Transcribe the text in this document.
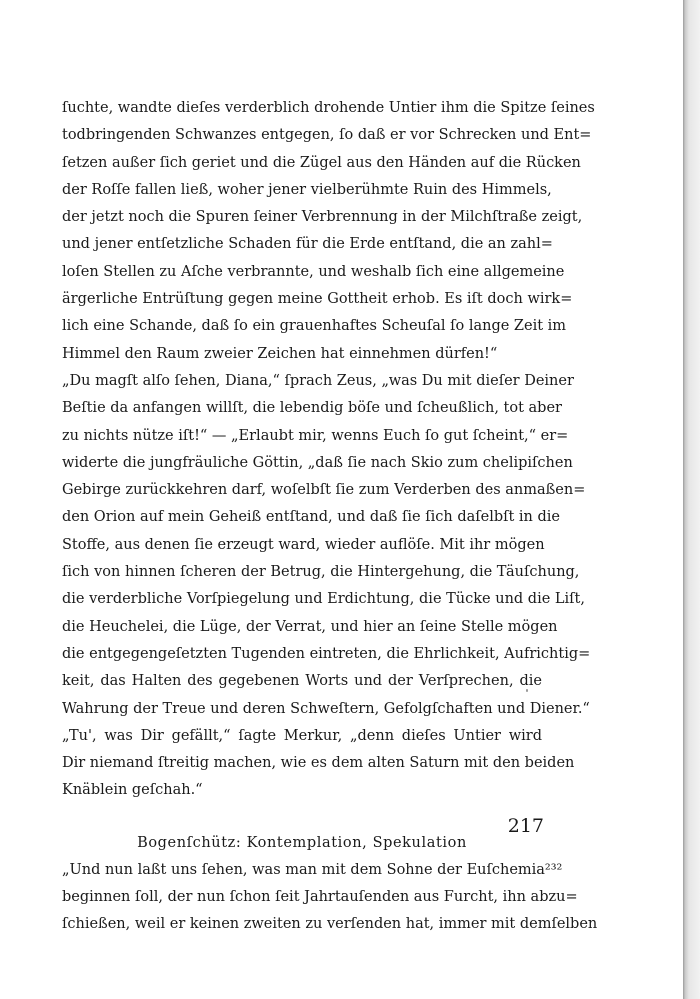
ſuchte, wandte dieſes verderblich drohende Untier ihm die Spitze ſeines
todbringenden Schwanzes entgegen, ſo daß er vor Schrecken und Ent=
ſetzen außer ſich geriet und die Zügel aus den Händen auf die Rücken
der Roſſe fallen ließ, woher jener vielberühmte Ruin des Himmels,
der jetzt noch die Spuren ſeiner Verbrennung in der Milchſtraße zeigt,
und jener entſetzliche Schaden für die Erde entſtand, die an zahl=
loſen Stellen zu Aſche verbrannte, und weshalb ſich eine allgemeine
ärgerliche Entrüſtung gegen meine Gottheit erhob. Es iſt doch wirk=
lich eine Schande, daß ſo ein grauenhaftes Scheuſal ſo lange Zeit im
Himmel den Raum zweier Zeichen hat einnehmen dürfen!“
„Du magſt alſo ſehen, Diana,“ ſprach Zeus, „was Du mit dieſer Deiner
Beſtie da anfangen willſt, die lebendig böſe und ſcheußlich, tot aber
zu nichts nütze iſt!“ — „Erlaubt mir, wenns Euch ſo gut ſcheint,“ er=
widerte die jungfräuliche Göttin, „daß ſie nach Skio zum chelipiſchen
Gebirge zurückkehren darf, woſelbſt ſie zum Verderben des anmaßen=
den Orion auf mein Geheiß entſtand, und daß ſie ſich daſelbſt in die
Stoffe, aus denen ſie erzeugt ward, wieder auflöſe. Mit ihr mögen
ſich von hinnen ſcheren der Betrug, die Hintergehung, die Täuſchung,
die verderbliche Vorſpiegelung und Erdichtung, die Tücke und die Liſt,
die Heuchelei, die Lüge, der Verrat, und hier an ſeine Stelle mögen
die entgegengeſetzten Tugenden eintreten, die Ehrlichkeit, Aufrichtig=
keit, das Halten des gegebenen Worts und der Verſprechen, die
Wahrung der Treue und deren Schweſtern, Gefolgſchaften und Diener.“
„Tu', was Dir gefällt,“ ſagte Merkur, „denn dieſes Untier wird
Dir niemand ſtreitig machen, wie es dem alten Saturn mit den beiden
Knäblein geſchah.“
Bogenſchütz: Kontemplation, Spekulation
„Und nun laßt uns ſehen, was man mit dem Sohne der Euſchemia²³²
beginnen ſoll, der nun ſchon ſeit Jahrtauſenden aus Furcht, ihn abzu=
ſchießen, weil er keinen zweiten zu verſenden hat, immer mit demſelben
217
